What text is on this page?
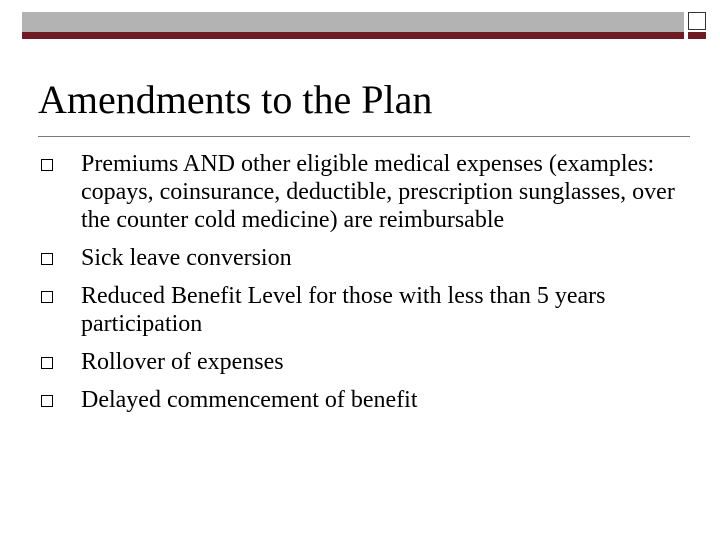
Amendments to the Plan
Premiums AND other eligible medical expenses (examples: copays, coinsurance, deductible, prescription sunglasses, over the counter cold medicine) are reimbursable
Sick leave conversion
Reduced Benefit Level for those with less than 5 years participation
Rollover of expenses
Delayed commencement of benefit
